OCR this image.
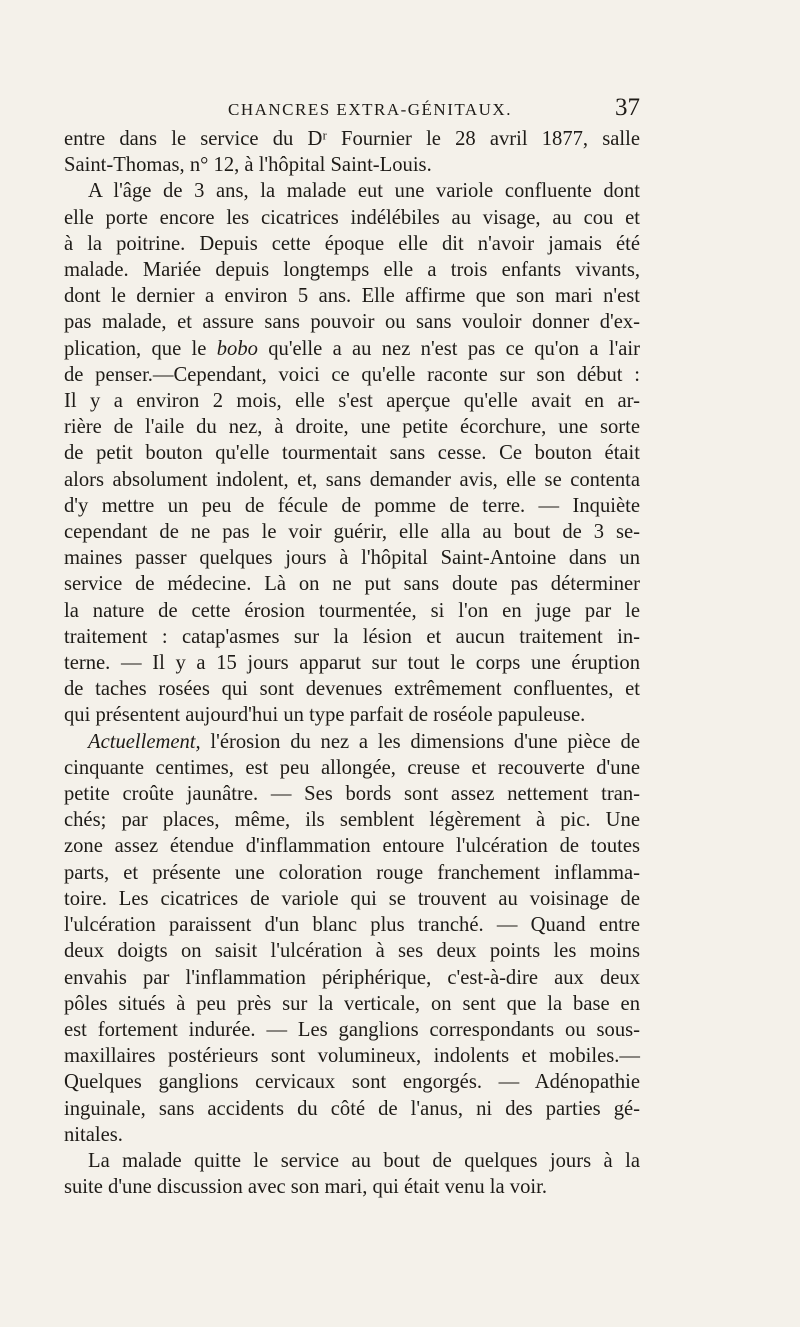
CHANCRES EXTRA-GÉNITAUX.	37

entre dans le service du Dʳ Fournier le 28 avril 1877, salle
Saint-Thomas, n° 12, à l'hôpital Saint-Louis.

A l'âge de 3 ans, la malade eut une variole confluente dont
elle porte encore les cicatrices indélébiles au visage, au cou et
à la poitrine. Depuis cette époque elle dit n'avoir jamais été
malade. Mariée depuis longtemps elle a trois enfants vivants,
dont le dernier a environ 5 ans. Elle affirme que son mari n'est
pas malade, et assure sans pouvoir ou sans vouloir donner d'ex-
plication, que le bobo qu'elle a au nez n'est pas ce qu'on a l'air
de penser.—Cependant, voici ce qu'elle raconte sur son début :
Il y a environ 2 mois, elle s'est aperçue qu'elle avait en ar-
rière de l'aile du nez, à droite, une petite écorchure, une sorte
de petit bouton qu'elle tourmentait sans cesse. Ce bouton était
alors absolument indolent, et, sans demander avis, elle se contenta
d'y mettre un peu de fécule de pomme de terre. — Inquiète
cependant de ne pas le voir guérir, elle alla au bout de 3 se-
maines passer quelques jours à l'hôpital Saint-Antoine dans un
service de médecine. Là on ne put sans doute pas déterminer
la nature de cette érosion tourmentée, si l'on en juge par le
traitement : catap'asmes sur la lésion et aucun traitement in-
terne. — Il y a 15 jours apparut sur tout le corps une éruption
de taches rosées qui sont devenues extrêmement confluentes, et
qui présentent aujourd'hui un type parfait de roséole papuleuse.

Actuellement, l'érosion du nez a les dimensions d'une pièce de
cinquante centimes, est peu allongée, creuse et recouverte d'une
petite croûte jaunâtre. — Ses bords sont assez nettement tran-
chés; par places, même, ils semblent légèrement à pic. Une
zone assez étendue d'inflammation entoure l'ulcération de toutes
parts, et présente une coloration rouge franchement inflamma-
toire. Les cicatrices de variole qui se trouvent au voisinage de
l'ulcération paraissent d'un blanc plus tranché. — Quand entre
deux doigts on saisit l'ulcération à ses deux points les moins
envahis par l'inflammation périphérique, c'est-à-dire aux deux
pôles situés à peu près sur la verticale, on sent que la base en
est fortement indurée. — Les ganglions correspondants ou sous-
maxillaires postérieurs sont volumineux, indolents et mobiles.—
Quelques ganglions cervicaux sont engorgés. — Adénopathie
inguinale, sans accidents du côté de l'anus, ni des parties gé-
nitales.

La malade quitte le service au bout de quelques jours à la
suite d'une discussion avec son mari, qui était venu la voir.
